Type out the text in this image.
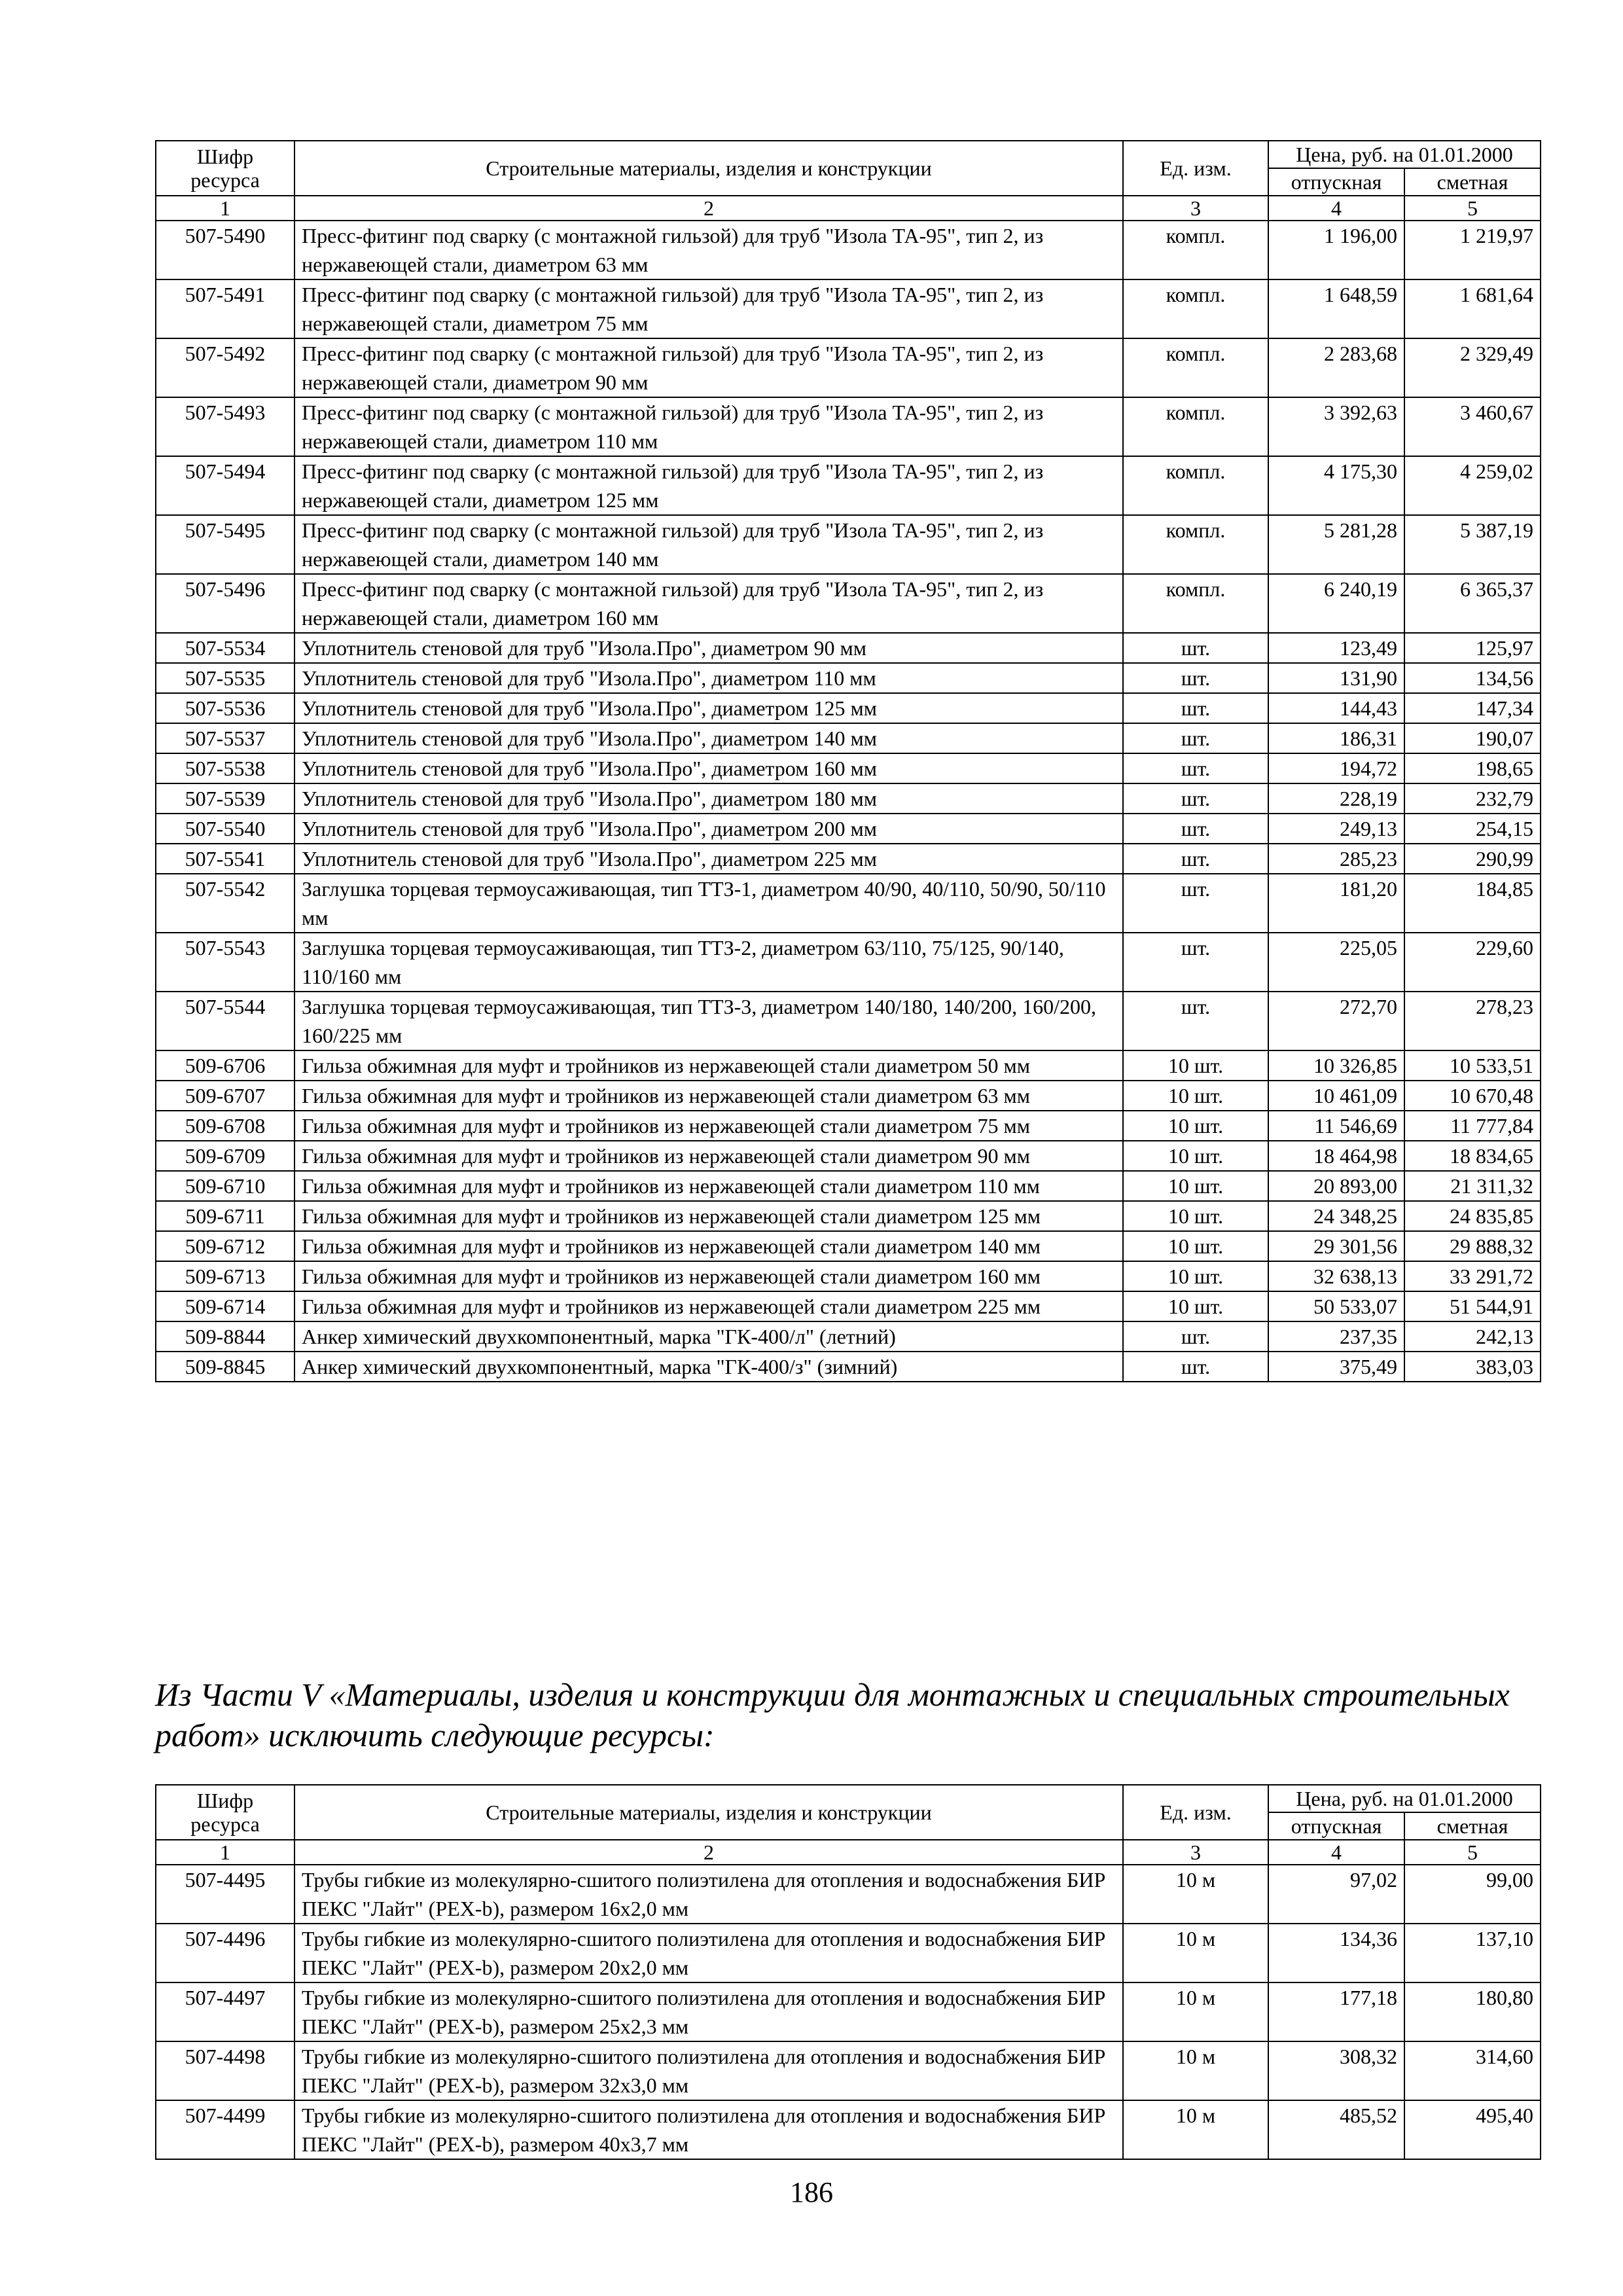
Шифр ресурса	Строительные материалы, изделия и конструкции	Ед. изм.	Цена, руб. на 01.01.2000	
			отпускная	сметная
1	2	3	4	5
507-5490	Пресс-фитинг под сварку (с монтажной гильзой) для труб "Изола ТА-95", тип 2, из нержавеющей стали, диаметром 63 мм	компл.	1 196,00	1 219,97
507-5491	Пресс-фитинг под сварку (с монтажной гильзой) для труб "Изола ТА-95", тип 2, из нержавеющей стали, диаметром 75 мм	компл.	1 648,59	1 681,64
507-5492	Пресс-фитинг под сварку (с монтажной гильзой) для труб "Изола ТА-95", тип 2, из нержавеющей стали, диаметром 90 мм	компл.	2 283,68	2 329,49
507-5493	Пресс-фитинг под сварку (с монтажной гильзой) для труб "Изола ТА-95", тип 2, из нержавеющей стали, диаметром 110 мм	компл.	3 392,63	3 460,67
507-5494	Пресс-фитинг под сварку (с монтажной гильзой) для труб "Изола ТА-95", тип 2, из нержавеющей стали, диаметром 125 мм	компл.	4 175,30	4 259,02
507-5495	Пресс-фитинг под сварку (с монтажной гильзой) для труб "Изола ТА-95", тип 2, из нержавеющей стали, диаметром 140 мм	компл.	5 281,28	5 387,19
507-5496	Пресс-фитинг под сварку (с монтажной гильзой) для труб "Изола ТА-95", тип 2, из нержавеющей стали, диаметром 160 мм	компл.	6 240,19	6 365,37
507-5534	Уплотнитель стеновой для труб "Изола.Про", диаметром 90 мм	шт.	123,49	125,97
507-5535	Уплотнитель стеновой для труб "Изола.Про", диаметром 110 мм	шт.	131,90	134,56
507-5536	Уплотнитель стеновой для труб "Изола.Про", диаметром 125 мм	шт.	144,43	147,34
507-5537	Уплотнитель стеновой для труб "Изола.Про", диаметром 140 мм	шт.	186,31	190,07
507-5538	Уплотнитель стеновой для труб "Изола.Про", диаметром 160 мм	шт.	194,72	198,65
507-5539	Уплотнитель стеновой для труб "Изола.Про", диаметром 180 мм	шт.	228,19	232,79
507-5540	Уплотнитель стеновой для труб "Изола.Про", диаметром 200 мм	шт.	249,13	254,15
507-5541	Уплотнитель стеновой для труб "Изола.Про", диаметром 225 мм	шт.	285,23	290,99
507-5542	Заглушка торцевая термоусаживающая, тип ТТЗ-1, диаметром 40/90, 40/110, 50/90, 50/110 мм	шт.	181,20	184,85
507-5543	Заглушка торцевая термоусаживающая, тип ТТЗ-2, диаметром 63/110, 75/125, 90/140, 110/160 мм	шт.	225,05	229,60
507-5544	Заглушка торцевая термоусаживающая, тип ТТЗ-3, диаметром 140/180, 140/200, 160/200, 160/225 мм	шт.	272,70	278,23
509-6706	Гильза обжимная для муфт и тройников из нержавеющей стали диаметром 50 мм	10 шт.	10 326,85	10 533,51
509-6707	Гильза обжимная для муфт и тройников из нержавеющей стали диаметром 63 мм	10 шт.	10 461,09	10 670,48
509-6708	Гильза обжимная для муфт и тройников из нержавеющей стали диаметром 75 мм	10 шт.	11 546,69	11 777,84
509-6709	Гильза обжимная для муфт и тройников из нержавеющей стали диаметром 90 мм	10 шт.	18 464,98	18 834,65
509-6710	Гильза обжимная для муфт и тройников из нержавеющей стали диаметром 110 мм	10 шт.	20 893,00	21 311,32
509-6711	Гильза обжимная для муфт и тройников из нержавеющей стали диаметром 125 мм	10 шт.	24 348,25	24 835,85
509-6712	Гильза обжимная для муфт и тройников из нержавеющей стали диаметром 140 мм	10 шт.	29 301,56	29 888,32
509-6713	Гильза обжимная для муфт и тройников из нержавеющей стали диаметром 160 мм	10 шт.	32 638,13	33 291,72
509-6714	Гильза обжимная для муфт и тройников из нержавеющей стали диаметром 225 мм	10 шт.	50 533,07	51 544,91
509-8844	Анкер химический двухкомпонентный, марка "ГК-400/л" (летний)	шт.	237,35	242,13
509-8845	Анкер химический двухкомпонентный, марка "ГК-400/з" (зимний)	шт.	375,49	383,03

Из Части V «Материалы, изделия и конструкции для монтажных и специальных строительных работ» исключить следующие ресурсы:

Шифр ресурса	Строительные материалы, изделия и конструкции	Ед. изм.	Цена, руб. на 01.01.2000	
			отпускная	сметная
1	2	3	4	5
507-4495	Трубы гибкие из молекулярно-сшитого полиэтилена для отопления и водоснабжения БИР ПЕКС "Лайт" (PEX-b), размером 16х2,0 мм	10 м	97,02	99,00
507-4496	Трубы гибкие из молекулярно-сшитого полиэтилена для отопления и водоснабжения БИР ПЕКС "Лайт" (PEX-b), размером 20х2,0 мм	10 м	134,36	137,10
507-4497	Трубы гибкие из молекулярно-сшитого полиэтилена для отопления и водоснабжения БИР ПЕКС "Лайт" (PEX-b), размером 25х2,3 мм	10 м	177,18	180,80
507-4498	Трубы гибкие из молекулярно-сшитого полиэтилена для отопления и водоснабжения БИР ПЕКС "Лайт" (PEX-b), размером 32х3,0 мм	10 м	308,32	314,60
507-4499	Трубы гибкие из молекулярно-сшитого полиэтилена для отопления и водоснабжения БИР ПЕКС "Лайт" (PEX-b), размером 40х3,7 мм	10 м	485,52	495,40
186
